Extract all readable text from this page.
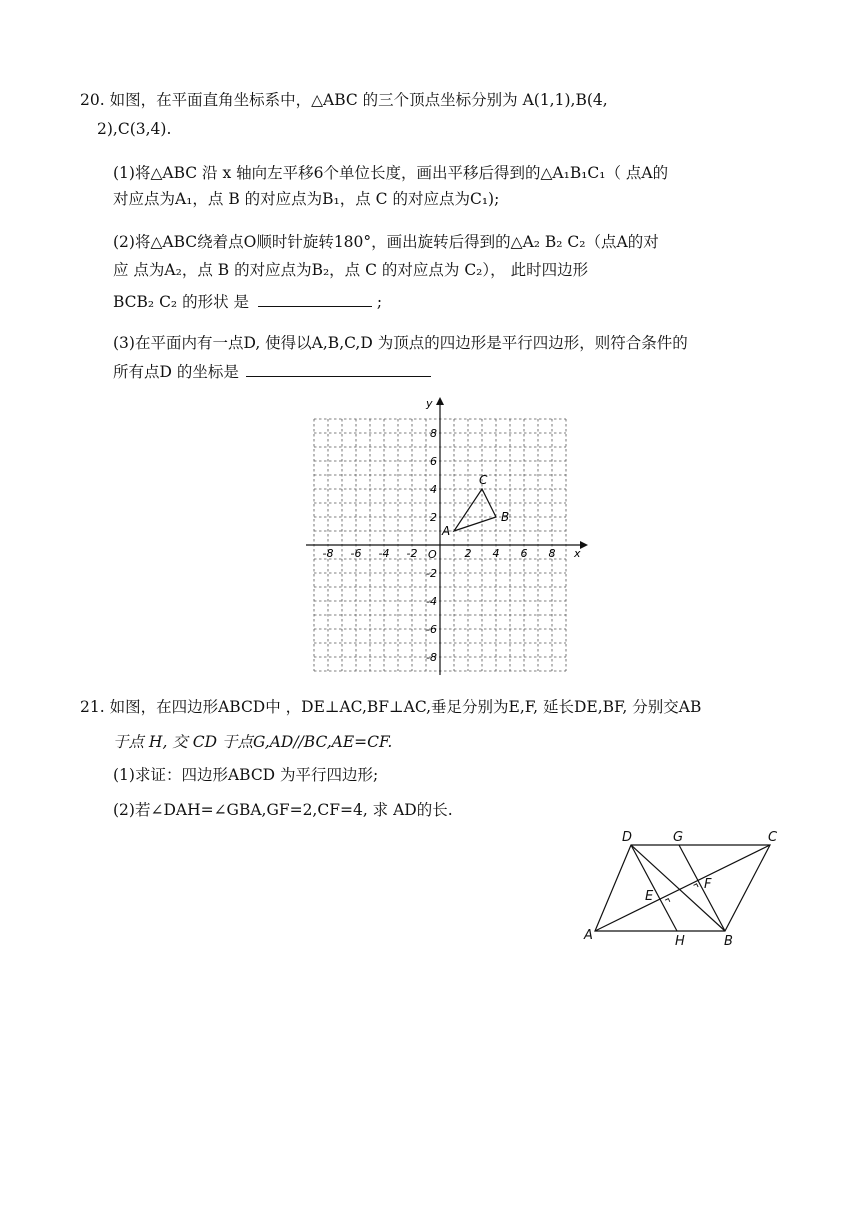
20. 如图，在平面直角坐标系中，△ABC 的三个顶点坐标分别为 A(1,1),B(4,
2),C(3,4).
(1)将△ABC 沿 x 轴向左平移6个单位长度，画出平移后得到的△A₁B₁C₁（ 点A的
对应点为A₁，点 B 的对应点为B₁，点 C 的对应点为C₁);
(2)将△ABC绕着点O顺时针旋转180°，画出旋转后得到的△A₂ B₂ C₂（点A的对
应 点为A₂，点 B 的对应点为B₂，点 C 的对应点为 C₂）， 此时四边形
BCB₂ C₂ 的形状 是	;
(3)在平面内有一点D, 使得以A,B,C,D 为顶点的四边形是平行四边形，则符合条件的
所有点D 的坐标是
x
y
O
-8 -6 -4 -2	2 4 6 8
8
6
4
2
-2
-4
-6
-8
A
B
C
21. 如图，在四边形ABCD中 ，DE⊥AC,BF⊥AC,垂足分别为E,F, 延长DE,BF, 分别交AB
于点 H, 交 CD 于点G,AD//BC,AE=CF.
(1)求证：四边形ABCD 为平行四边形;
(2)若∠DAH=∠GBA,GF=2,CF=4, 求 AD的长.
D	G	C
E
F
A	H	B
